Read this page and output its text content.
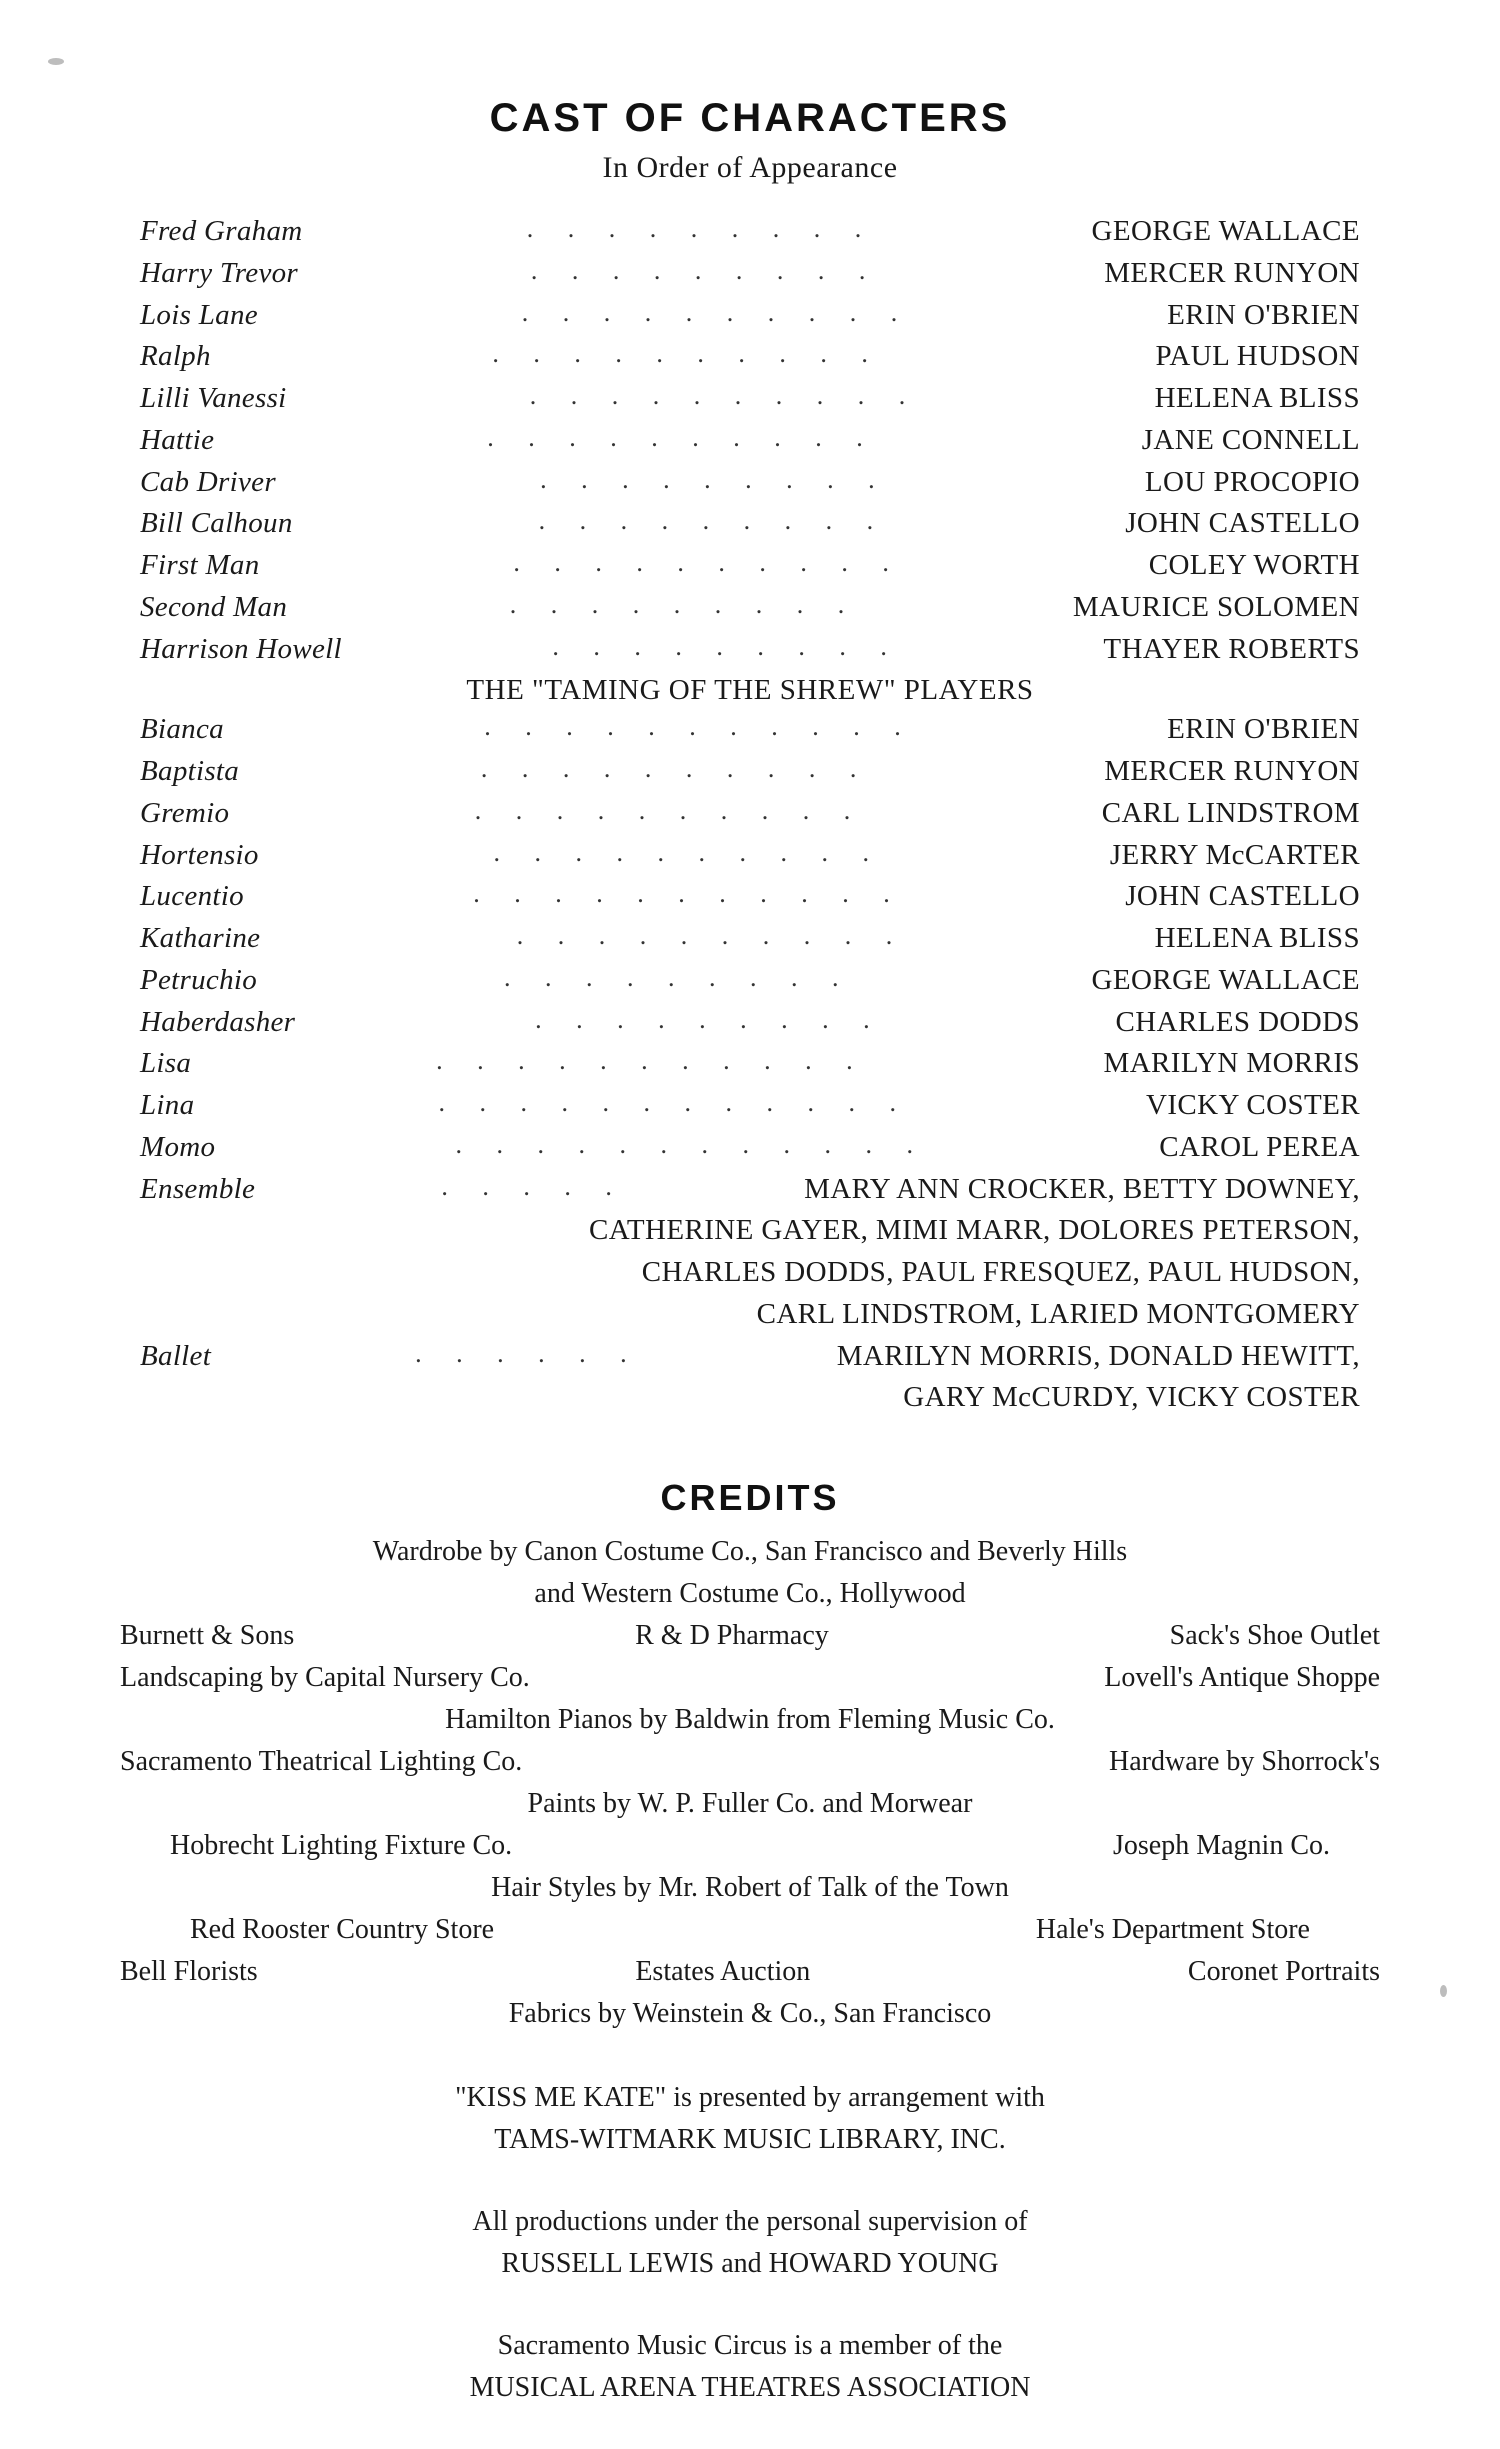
CAST OF CHARACTERS
In Order of Appearance
Fred Graham	. . . . . . . . .	GEORGE WALLACE
Harry Trevor	. . . . . . . . .	MERCER RUNYON
Lois Lane	. . . . . . . . . .	ERIN O'BRIEN
Ralph	. . . . . . . . . .	PAUL HUDSON
Lilli Vanessi	. . . . . . . . . .	HELENA BLISS
Hattie	. . . . . . . . . .	JANE CONNELL
Cab Driver	. . . . . . . . .	LOU PROCOPIO
Bill Calhoun	. . . . . . . . .	JOHN CASTELLO
First Man	. . . . . . . . . .	COLEY WORTH
Second Man	. . . . . . . . .	MAURICE SOLOMEN
Harrison Howell	. . . . . . . . .	THAYER ROBERTS
THE "TAMING OF THE SHREW" PLAYERS
Bianca	. . . . . . . . . . .	ERIN O'BRIEN
Baptista	. . . . . . . . . .	MERCER RUNYON
Gremio	. . . . . . . . . .	CARL LINDSTROM
Hortensio	. . . . . . . . . .	JERRY McCARTER
Lucentio	. . . . . . . . . . .	JOHN CASTELLO
Katharine	. . . . . . . . . .	HELENA BLISS
Petruchio	. . . . . . . . .	GEORGE WALLACE
Haberdasher	. . . . . . . . .	CHARLES DODDS
Lisa	. . . . . . . . . . .	MARILYN MORRIS
Lina	. . . . . . . . . . . .	VICKY COSTER
Momo	. . . . . . . . . . . .	CAROL PEREA
Ensemble	. . . . .	MARY ANN CROCKER, BETTY DOWNEY,
CATHERINE GAYER, MIMI MARR, DOLORES PETERSON,
CHARLES DODDS, PAUL FRESQUEZ, PAUL HUDSON,
CARL LINDSTROM, LARIED MONTGOMERY
Ballet	. . . . . .	MARILYN MORRIS, DONALD HEWITT,
GARY McCURDY, VICKY COSTER
CREDITS
Wardrobe by Canon Costume Co., San Francisco and Beverly Hills
and Western Costume Co., Hollywood
Burnett & Sons	R & D Pharmacy	Sack's Shoe Outlet
Landscaping by Capital Nursery Co.	Lovell's Antique Shoppe
Hamilton Pianos by Baldwin from Fleming Music Co.
Sacramento Theatrical Lighting Co.	Hardware by Shorrock's
Paints by W. P. Fuller Co. and Morwear
Hobrecht Lighting Fixture Co.	Joseph Magnin Co.
Hair Styles by Mr. Robert of Talk of the Town
Red Rooster Country Store	Hale's Department Store
Bell Florists	Estates Auction	Coronet Portraits
Fabrics by Weinstein & Co., San Francisco
"KISS ME KATE" is presented by arrangement with
TAMS-WITMARK MUSIC LIBRARY, INC.
All productions under the personal supervision of
RUSSELL LEWIS and HOWARD YOUNG
Sacramento Music Circus is a member of the
MUSICAL ARENA THEATRES ASSOCIATION
